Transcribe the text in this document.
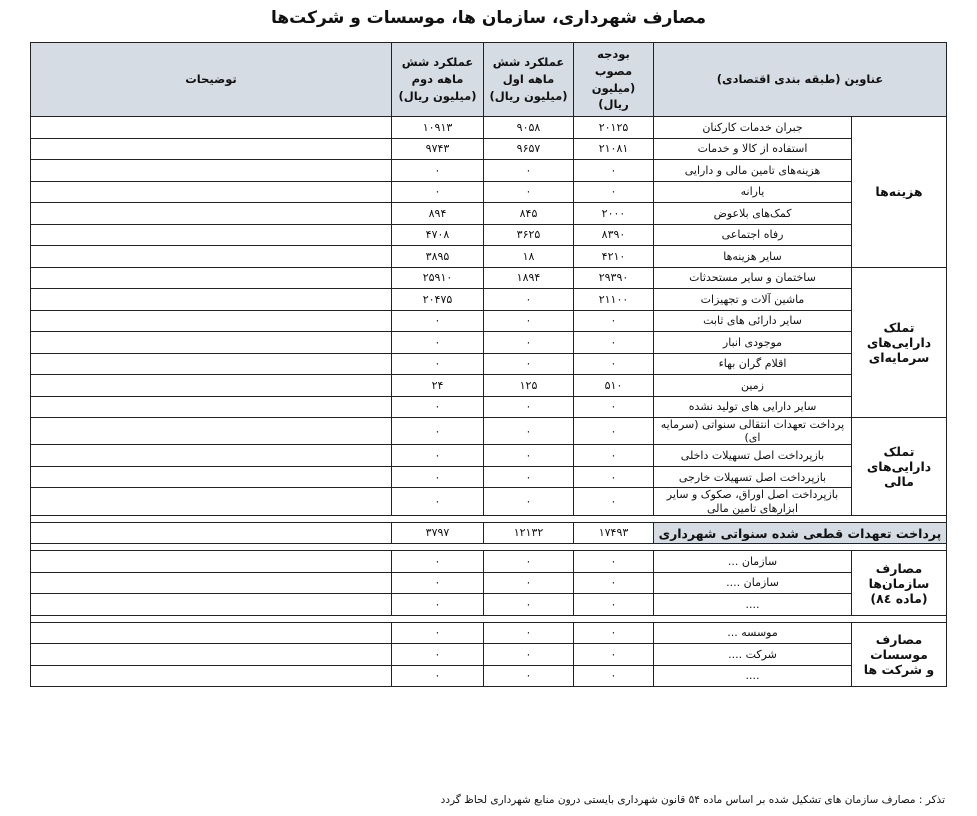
مصارف شهرداری، سازمان ها، موسسات و شرکت‌ها
عناوین (طبقه بندی اقتصادی)		بودجه مصوب (میلیون ریال)	عملکرد شش ماهه اول (میلیون ریال)	عملکرد شش ماهه دوم (میلیون ریال)	توضیحات
هزینه‌ها	جبران خدمات کارکنان	۲۰۱۲۵	۹۰۵۸	۱۰۹۱۳	
	استفاده از کالا و خدمات	۲۱۰۸۱	۹۶۵۷	۹۷۴۳	
	هزینه‌های تامین مالی و دارایی	۰	۰	۰	
	یارانه	۰	۰	۰	
	کمک‌های بلاعوض	۲۰۰۰	۸۴۵	۸۹۴	
	رفاه اجتماعی	۸۳۹۰	۳۶۲۵	۴۷۰۸	
	سایر هزینه‌ها	۴۲۱۰	۱۸	۳۸۹۵	
تملک
دارایی‌های
سرمایه‌ای	ساختمان و سایر مستحدثات	۲۹۳۹۰	۱۸۹۴	۲۵۹۱۰	
	ماشین آلات و تجهیزات	۲۱۱۰۰	۰	۲۰۴۷۵	
	سایر دارائی های ثابت	۰	۰	۰	
	موجودی انبار	۰	۰	۰	
	اقلام گران بهاء	۰	۰	۰	
	زمین	۵۱۰	۱۲۵	۲۴	
	سایر دارایی های تولید نشده	۰	۰	۰	
تملک
دارایی‌های
مالی	پرداخت تعهدات انتقالی سنواتی (سرمایه ای)	۰	۰	۰	
	بازپرداخت اصل تسهیلات داخلی	۰	۰	۰	
	بازپرداخت اصل تسهیلات خارجی	۰	۰	۰	
	بازپرداخت اصل اوراق، صکوک و سایر ابزارهای تامین مالی	۰	۰	۰	

پرداخت تعهدات قطعی شده سنواتی شهرداری		۱۷۴۹۳	۱۲۱۳۲	۳۷۹۷	

مصارف سازمان‌ها
(ماده ۸٤)	سازمان ...	۰	۰	۰	
	سازمان ....	۰	۰	۰	
	....	۰	۰	۰	

مصارف موسسات
و شرکت ها	موسسه ...	۰	۰	۰	
	شرکت ....	۰	۰	۰	
	....	۰	۰	۰	
تذکر : مصارف سازمان های تشکیل شده بر اساس ماده ۵۴ قانون شهرداری بایستی درون منابع شهرداری لحاظ گردد
